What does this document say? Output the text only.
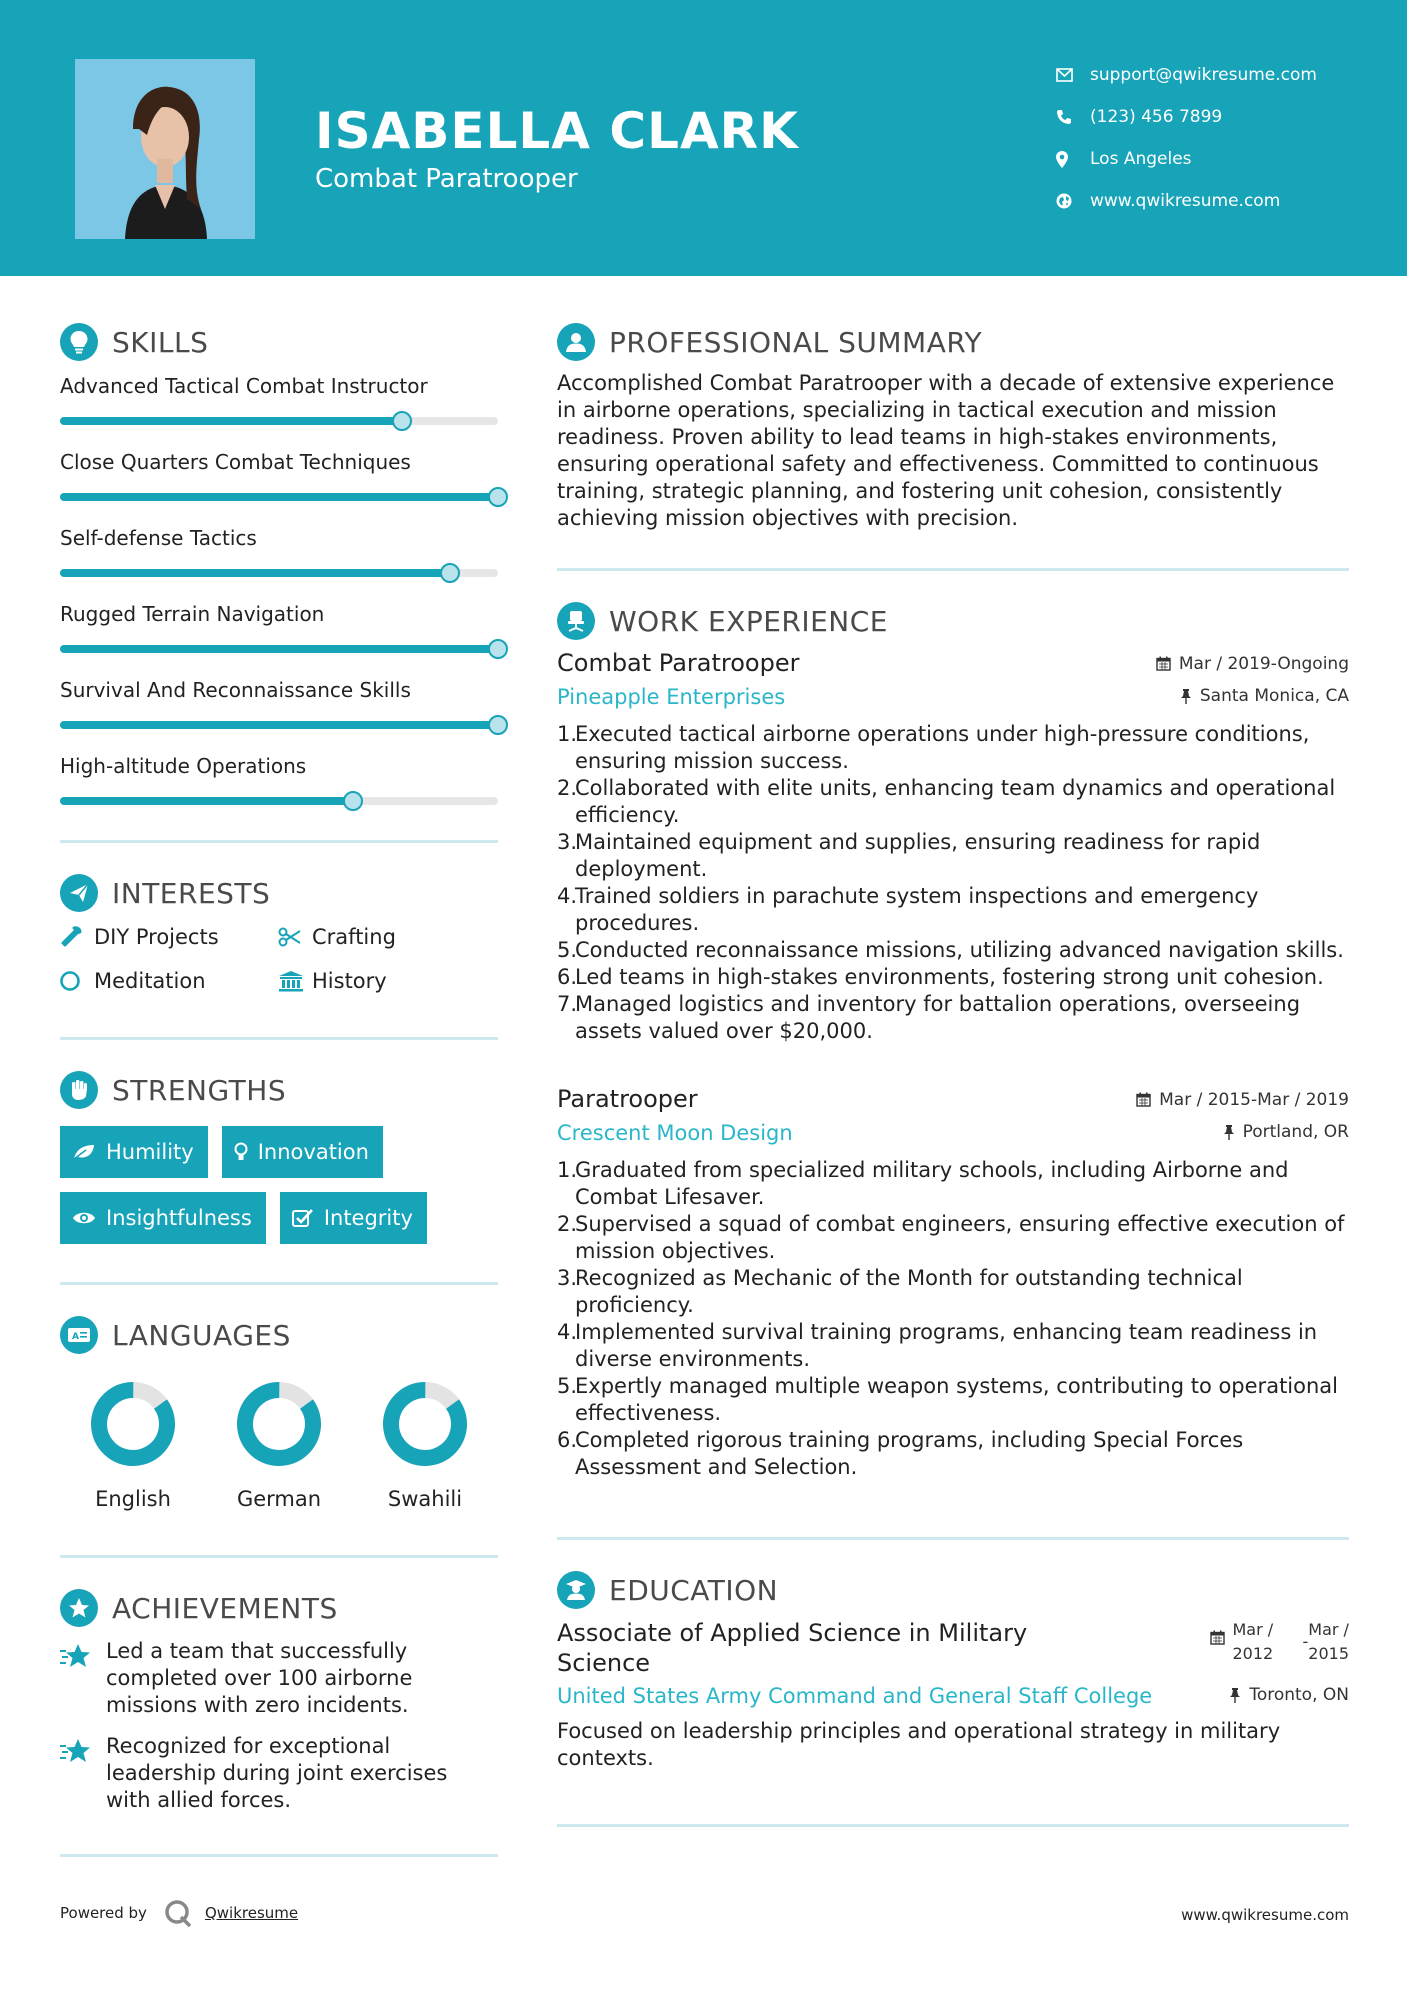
ISABELLA CLARK
Combat Paratrooper
support@qwikresume.com
(123) 456 7899
Los Angeles
www.qwikresume.com
SKILLS
Advanced Tactical Combat Instructor
Close Quarters Combat Techniques
Self-defense Tactics
Rugged Terrain Navigation
Survival And Reconnaissance Skills
High-altitude Operations
INTERESTS
DIY Projects	Crafting
Meditation	History
STRENGTHS
Humility	Innovation
Insightfulness	Integrity
A LANGUAGES
English	German	Swahili
ACHIEVEMENTS
Led a team that successfully completed over 100 airborne missions with zero incidents.
Recognized for exceptional leadership during joint exercises with allied forces.
PROFESSIONAL SUMMARY
Accomplished Combat Paratrooper with a decade of extensive experience in airborne operations, specializing in tactical execution and mission readiness. Proven ability to lead teams in high-stakes environments, ensuring operational safety and effectiveness. Committed to continuous training, strategic planning, and fostering unit cohesion, consistently achieving mission objectives with precision.
WORK EXPERIENCE
Combat Paratrooper	Mar / 2019-Ongoing
Pineapple Enterprises	Santa Monica, CA
1.
Executed tactical airborne operations under high-pressure conditions, ensuring mission success.
2.
Collaborated with elite units, enhancing team dynamics and operational efficiency.
3.
Maintained equipment and supplies, ensuring readiness for rapid deployment.
4.
Trained soldiers in parachute system inspections and emergency procedures.
5.
Conducted reconnaissance missions, utilizing advanced navigation skills.
6.
Led teams in high-stakes environments, fostering strong unit cohesion.
7.
Managed logistics and inventory for battalion operations, overseeing assets valued over $20,000.
Paratrooper	Mar / 2015-Mar / 2019
Crescent Moon Design	Portland, OR
1.
Graduated from specialized military schools, including Airborne and Combat Lifesaver.
2.
Supervised a squad of combat engineers, ensuring effective execution of mission objectives.
3.
Recognized as Mechanic of the Month for outstanding technical proficiency.
4.
Implemented survival training programs, enhancing team readiness in diverse environments.
5.
Expertly managed multiple weapon systems, contributing to operational effectiveness.
6.
Completed rigorous training programs, including Special Forces Assessment and Selection.
EDUCATION
Associate of Applied Science in Military Science
Mar /
2012
-
Mar /
2015
United States Army Command and General Staff College	Toronto, ON
Focused on leadership principles and operational strategy in military contexts.
Powered by	Qwikresume	www.qwikresume.com
